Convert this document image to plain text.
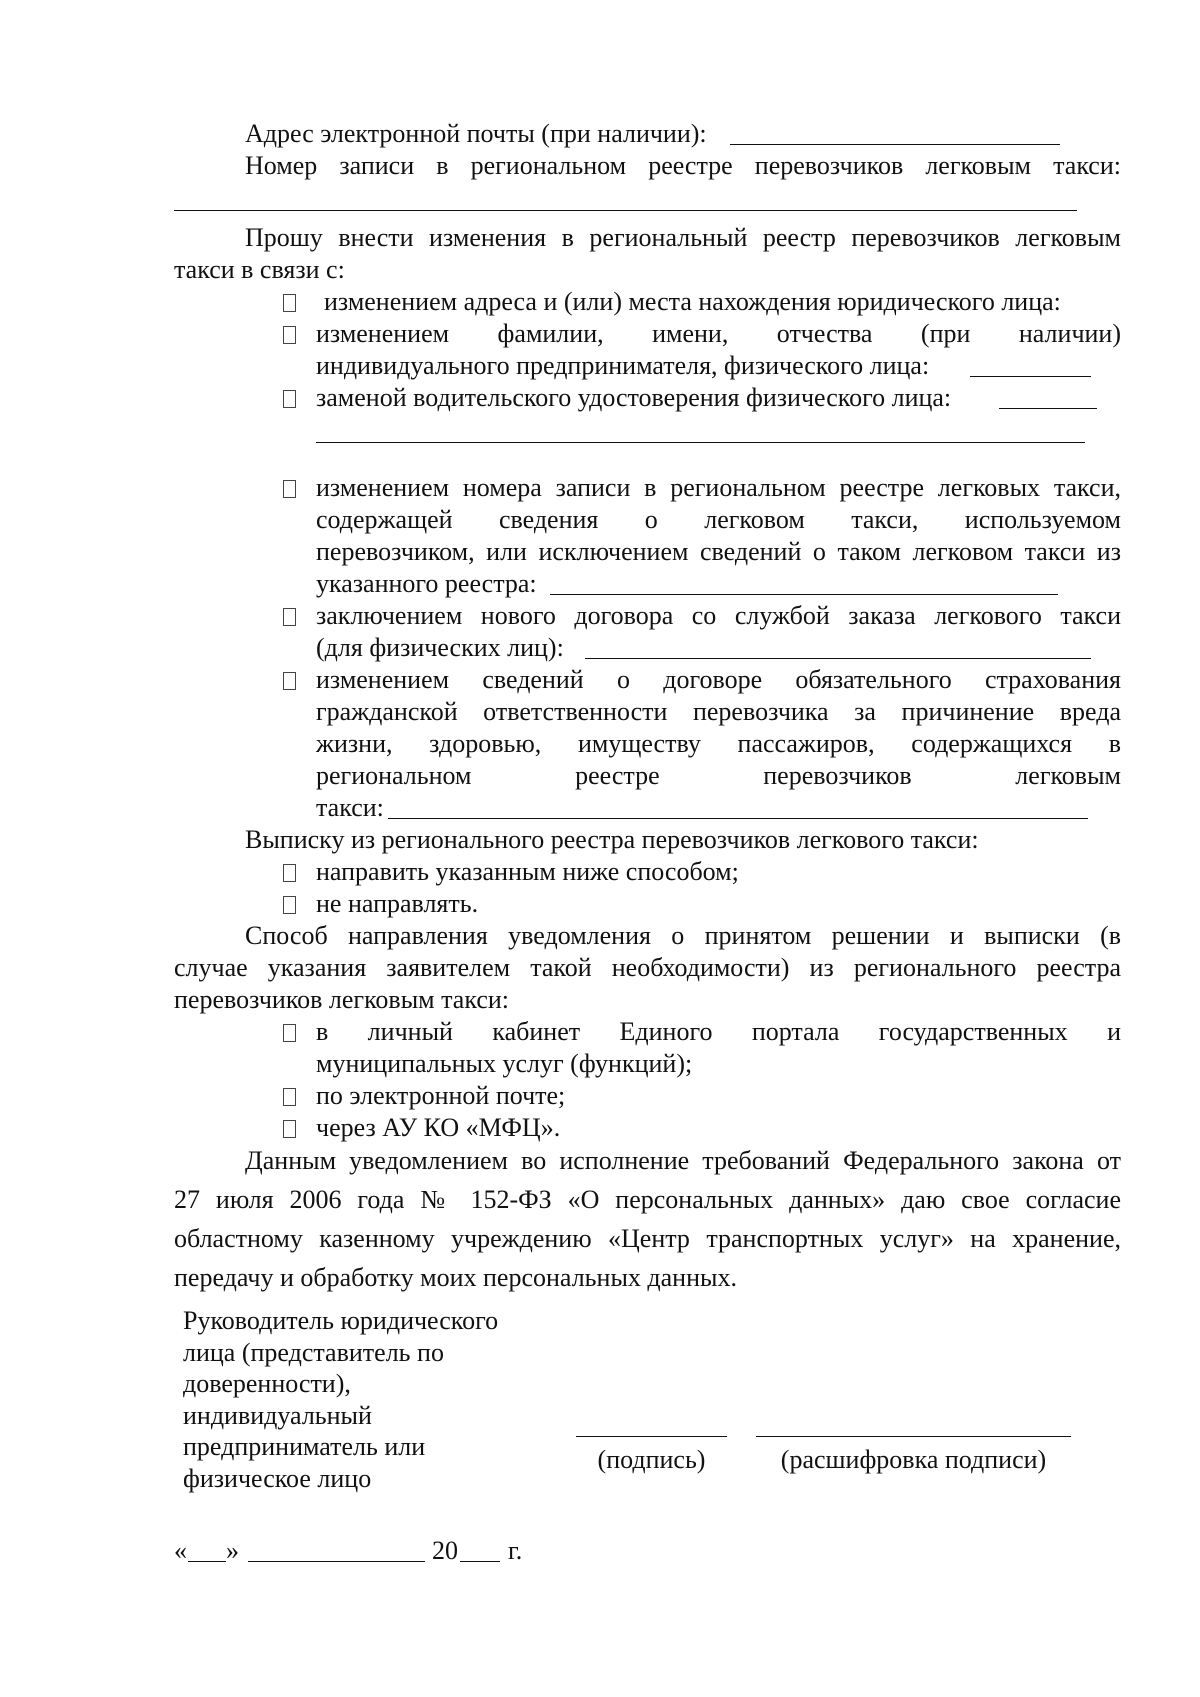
Адрес электронной почты (при наличии):
Номер записи в региональном реестре перевозчиков легковым такси:
Прошу внести изменения в региональный реестр перевозчиков легковым
такси в связи с:
изменением адреса и (или) места нахождения юридического лица:
изменением фамилии, имени, отчества (при наличии)
индивидуального предпринимателя, физического лица:
заменой водительского удостоверения физического лица:
изменением номера записи в региональном реестре легковых такси,
содержащей сведения о легковом такси, используемом
перевозчиком, или исключением сведений о таком легковом такси из
указанного реестра:
заключением нового договора со службой заказа легкового такси
(для физических лиц):
изменением сведений о договоре обязательного страхования
гражданской ответственности перевозчика за причинение вреда
жизни, здоровью, имуществу пассажиров, содержащихся в
региональном реестре перевозчиков легковым
такси:
Выписку из регионального реестра перевозчиков легкового такси:
направить указанным ниже способом;
не направлять.
Способ направления уведомления о принятом решении и выписки (в
случае указания заявителем такой необходимости) из регионального реестра
перевозчиков легковым такси:
в личный кабинет Единого портала государственных и
муниципальных услуг (функций);
по электронной почте;
через АУ КО «МФЦ».
Данным уведомлением во исполнение требований Федерального закона от
27 июля 2006 года № 152-ФЗ «О персональных данных» даю свое согласие
областному казенному учреждению «Центр транспортных услуг» на хранение,
передачу и обработку моих персональных данных.
Руководитель юридического
лица (представитель по
доверенности),
индивидуальный
предприниматель или
физическое лицо
(подпись)	(расшифровка подписи)
« »	20 г.
